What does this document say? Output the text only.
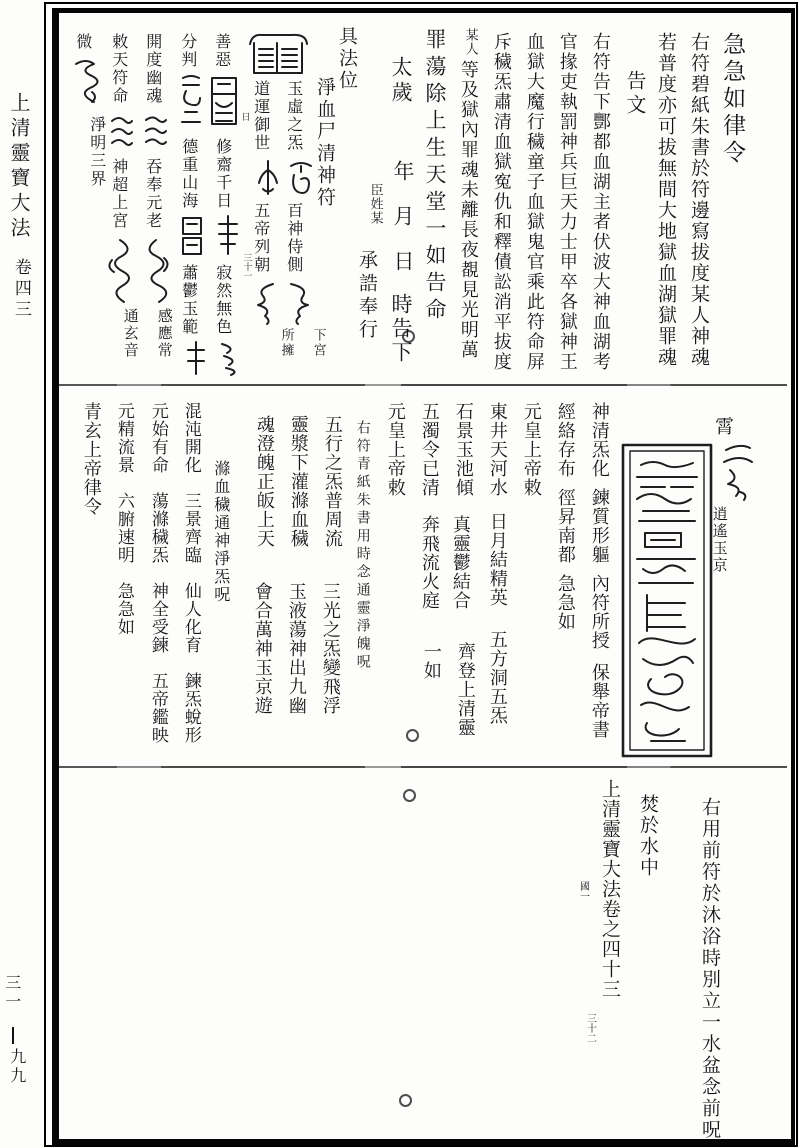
上清靈寶大法
卷四三
三一
九九
急急如律令
右符碧紙朱書於符邊寫拔度某人神魂
若普度亦可拔無間大地獄血湖獄罪魂
告文
右符告下酆都血湖主者伏波大神血湖考
官掾吏執罰神兵巨天力士甲卒各獄神王
血獄大魔行穢童子血獄鬼官乘此符命屏
斥穢炁肅清血獄寃仇和釋債訟消平拔度
某人
等及獄內罪魂未離長夜覩見光明萬
罪蕩除上生天堂一如告命
太歲
年
月
日
時告下
臣姓某
承誥奉行
具法位
淨血尸清神符
玉虛之炁
百神侍側
下宮
道運御世
五帝列朝
所擁
三十一
日
善惡
修齋千日
寂然無色
分判
德重山海
蕭鬱玉範
開度幽魂
吞奉元老
感應常
敕天符命
神超上宮
通玄音
微
淨明三界
霄
逍遙玉京
神清炁化
鍊質形軀
內符所授
保舉帝書
經絡存布
徑昇南都
急急如
元皇上帝敕
東井天河水
日月結精英
五方洞五炁
石景玉池傾
真靈鬱結合
齊登上清靈
五濁令已清
奔飛流火庭
一如
元皇上帝敕
右符青紙朱書用時念通靈淨魄呪
五行之炁普周流
三光之炁變飛浮
靈漿下灌滌血穢
玉液蕩神出九幽
魂澄魄正皈上天
會合萬神玉京遊
滌血穢通神淨炁呪
混沌開化
三景齊臨
仙人化育
鍊炁蛻形
元始有命
蕩滌穢炁
神全受鍊
五帝鑑映
元精流景
六腑速明
急急如
青玄上帝律令
右用前符於沐浴時別立一水盆念前呪
焚於水中
上清靈寶大法卷之四十三
國一
三十二
